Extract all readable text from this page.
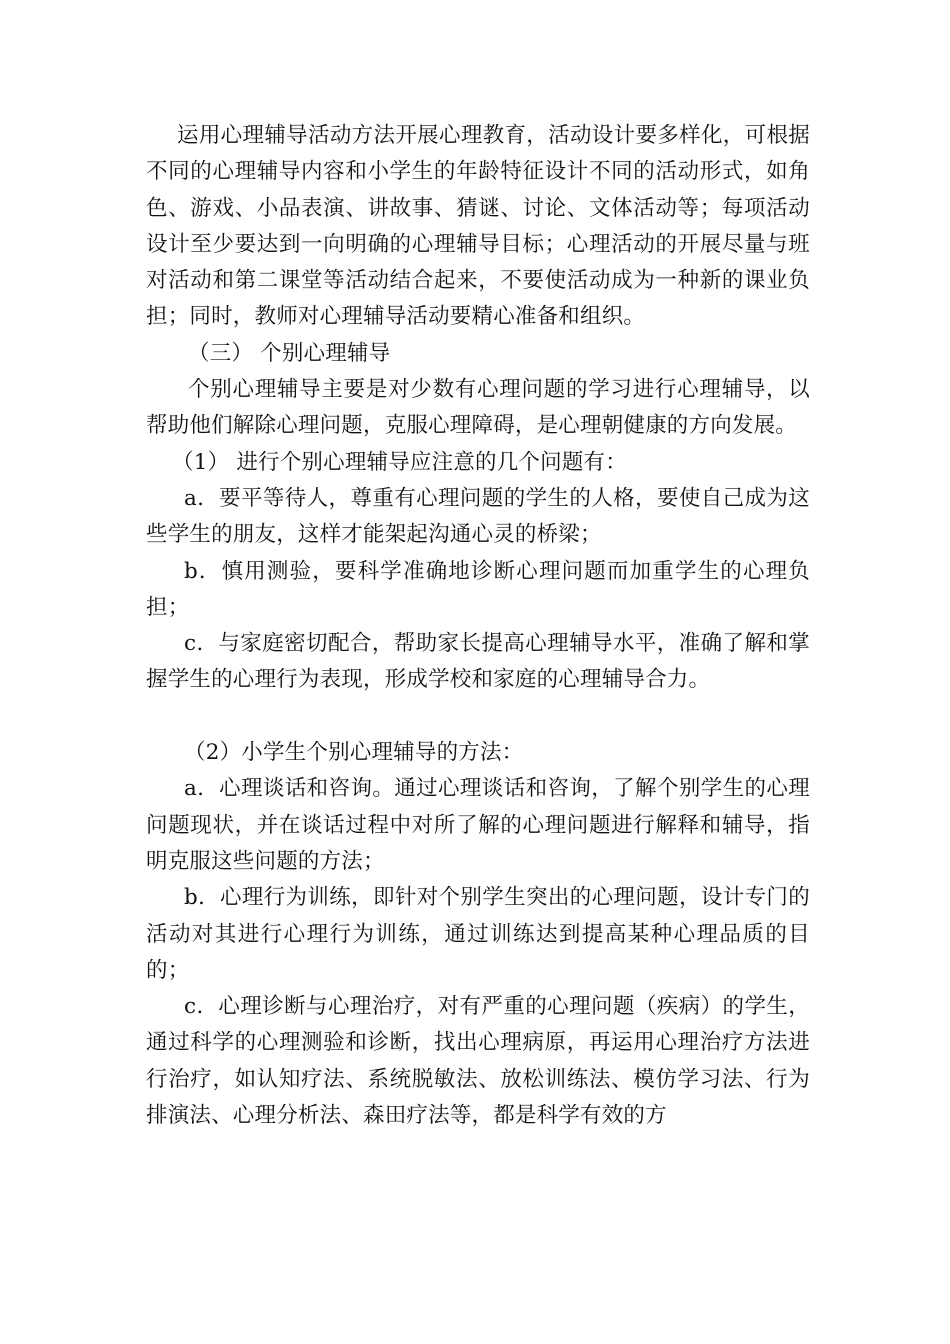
运用心理辅导活动方法开展心理教育，活动设计要多样化，可根据不同的心理辅导内容和小学生的年龄特征设计不同的活动形式，如角色、游戏、小品表演、讲故事、猜谜、讨论、文体活动等；每项活动设计至少要达到一向明确的心理辅导目标；心理活动的开展尽量与班对活动和第二课堂等活动结合起来，不要使活动成为一种新的课业负担；同时，教师对心理辅导活动要精心准备和组织。

（三） 个别心理辅导

个别心理辅导主要是对少数有心理问题的学习进行心理辅导，以帮助他们解除心理问题，克服心理障碍，是心理朝健康的方向发展。

（1） 进行个别心理辅导应注意的几个问题有：

a．要平等待人，尊重有心理问题的学生的人格，要使自己成为这些学生的朋友，这样才能架起沟通心灵的桥梁；

b．慎用测验，要科学准确地诊断心理问题而加重学生的心理负担；

c．与家庭密切配合，帮助家长提高心理辅导水平，准确了解和掌握学生的心理行为表现，形成学校和家庭的心理辅导合力。

（2）小学生个别心理辅导的方法：

a．心理谈话和咨询。通过心理谈话和咨询，了解个别学生的心理问题现状，并在谈话过程中对所了解的心理问题进行解释和辅导，指明克服这些问题的方法；

b．心理行为训练，即针对个别学生突出的心理问题，设计专门的活动对其进行心理行为训练，通过训练达到提高某种心理品质的目的；

c．心理诊断与心理治疗，对有严重的心理问题（疾病）的学生，通过科学的心理测验和诊断，找出心理病原，再运用心理治疗方法进行治疗，如认知疗法、系统脱敏法、放松训练法、模仿学习法、行为排演法、心理分析法、森田疗法等，都是科学有效的方
